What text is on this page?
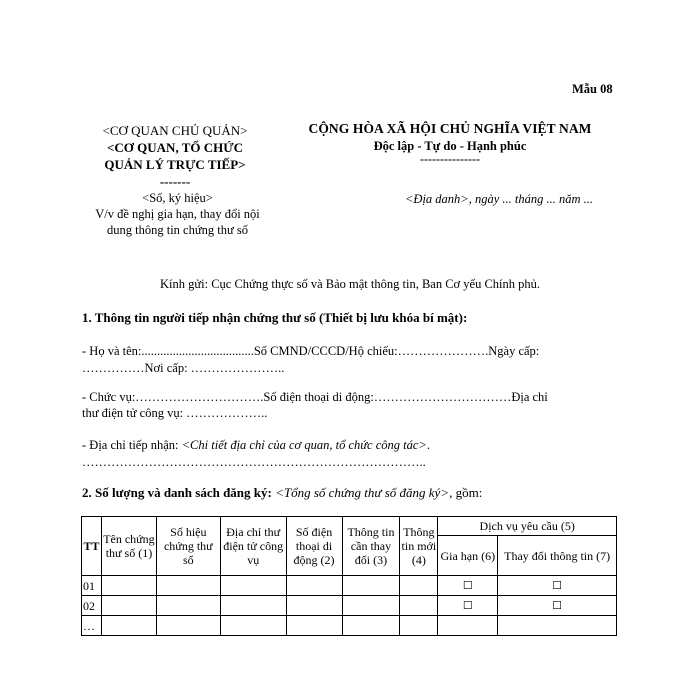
Mẫu 08
<CƠ QUAN CHỦ QUẢN>
<CƠ QUAN, TỔ CHỨC
QUẢN LÝ TRỰC TIẾP>
-------
<Số, ký hiệu>
V/v đề nghị gia hạn, thay đổi nội
dung thông tin chứng thư số
CỘNG HÒA XÃ HỘI CHỦ NGHĨA VIỆT NAM
Độc lập - Tự do - Hạnh phúc
---------------
<Địa danh>, ngày ... tháng ... năm ...
Kính gửi: Cục Chứng thực số và Bảo mật thông tin, Ban Cơ yếu Chính phủ.
1. Thông tin người tiếp nhận chứng thư số (Thiết bị lưu khóa bí mật):
- Họ và tên:....................................Số CMND/CCCD/Hộ chiếu:………………….Ngày cấp:
……………Nơi cấp: …………………..
- Chức vụ:………………………….Số điện thoại di động:……………………………Địa chỉ
thư điện tử công vụ: ………………..
- Địa chỉ tiếp nhận: <Chi tiết địa chỉ của cơ quan, tổ chức công tác>.
………………………………………………………………………..
2. Số lượng và danh sách đăng ký: <Tổng số chứng thư số đăng ký>, gồm:
TT	Tên chứng thư số (1)	Số hiệu chứng thư số	Địa chỉ thư điện tử công vụ	Số điện thoại di động (2)	Thông tin cần thay đổi (3)	Thông tin mới (4)	Dịch vụ yêu cầu (5)	
							Gia hạn (6)	Thay đổi thông tin (7)
01							☐	☐
02							☐	☐
…								
